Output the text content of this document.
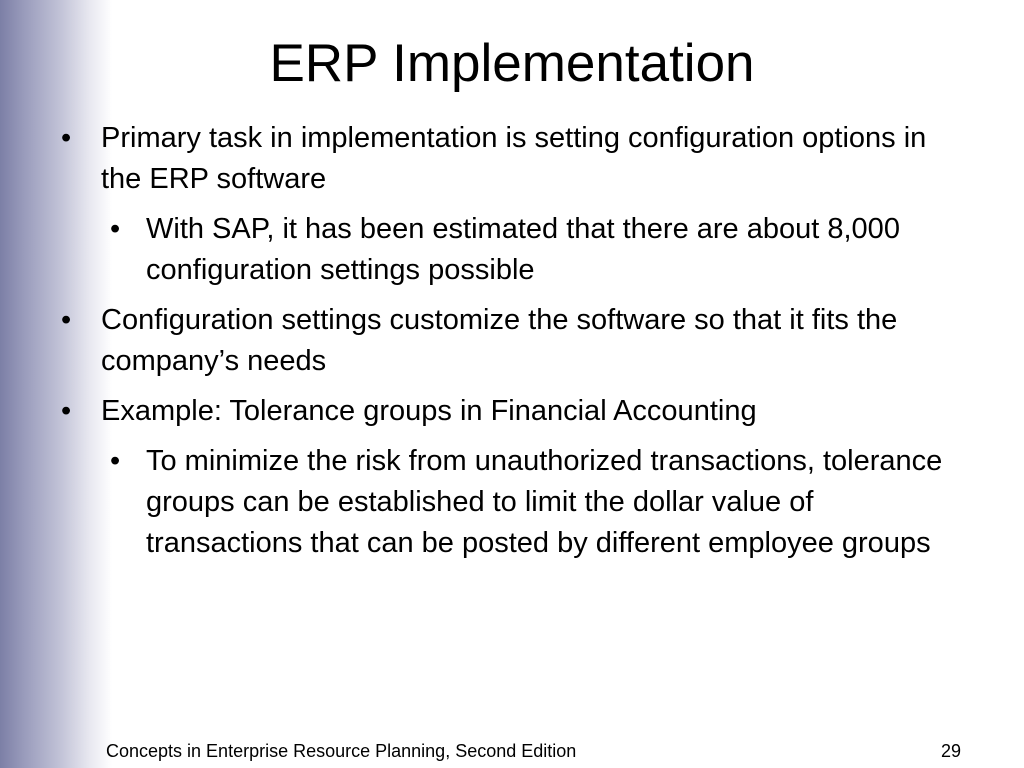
ERP Implementation

• Primary task in implementation is setting configuration options in the ERP software

• With SAP, it has been estimated that there are about 8,000 configuration settings possible

• Configuration settings customize the software so that it fits the company’s needs

• Example: Tolerance groups in Financial Accounting

• To minimize the risk from unauthorized transactions, tolerance groups can be established to limit the dollar value of transactions that can be posted by different employee groups

Concepts in Enterprise Resource Planning, Second Edition	29
